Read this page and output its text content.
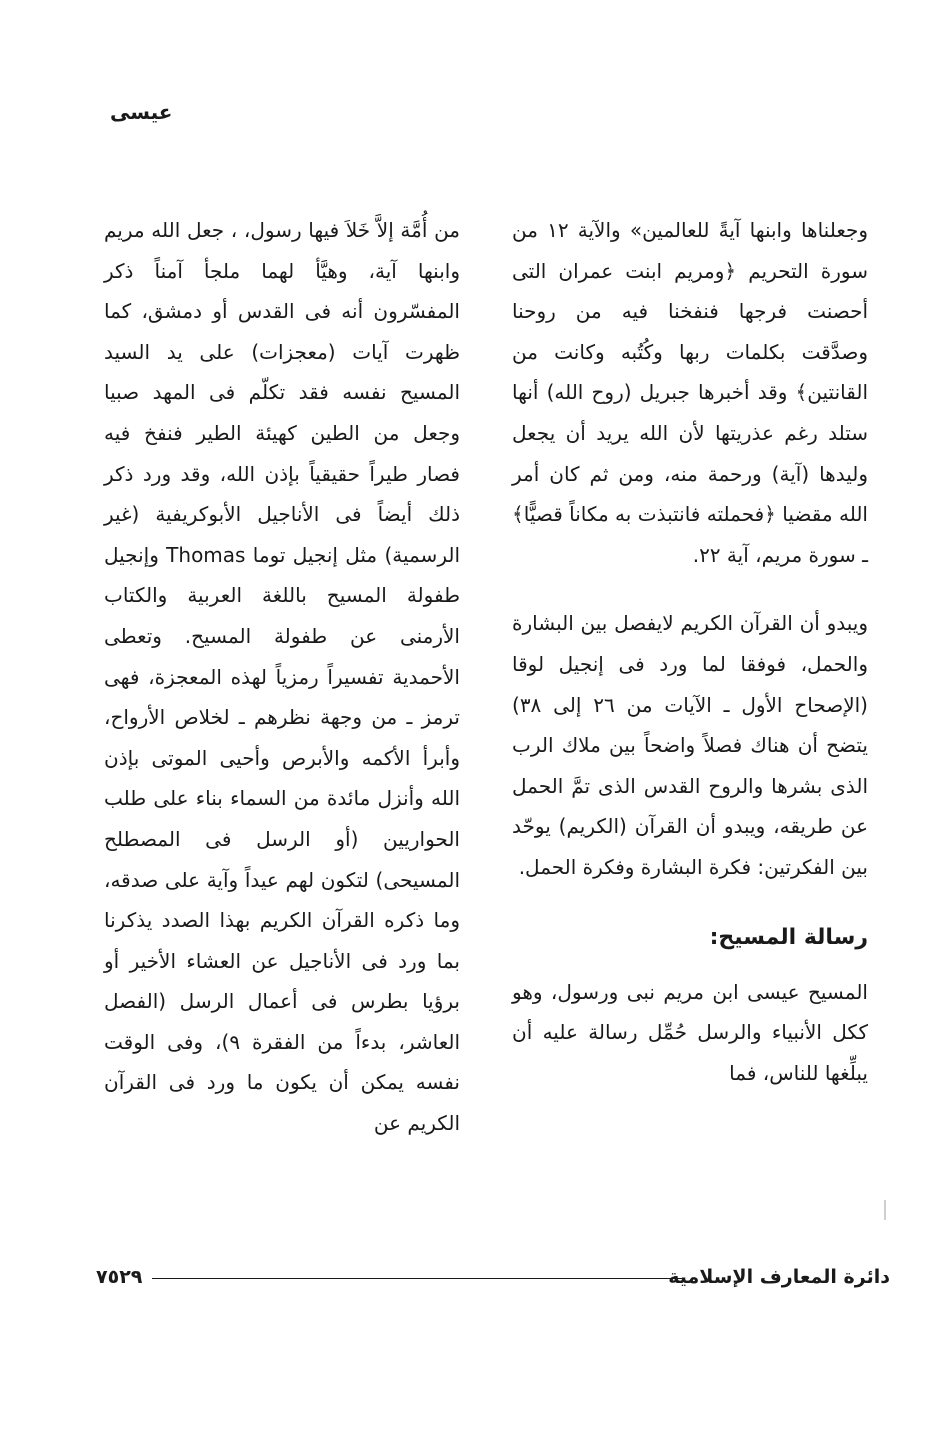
عيسى

وجعلناها وابنها آيةً للعالمين» والآية ١٢ من سورة التحريم ﴿ومريم ابنت عمران التى أحصنت فرجها فنفخنا فيه من روحنا وصدَّقت بكلمات ربها وكُتُبه وكانت من القانتين﴾ وقد أخبرها جبريل (روح الله) أنها ستلد رغم عذريتها لأن الله يريد أن يجعل وليدها (آية) ورحمة منه، ومن ثم كان أمر الله مقضيا ﴿فحملته فانتبذت به مكاناً قصيًّا﴾ ـ سورة مريم، آية ٢٢.

ويبدو أن القرآن الكريم لايفصل بين البشارة والحمل، فوفقا لما ورد فى إنجيل لوقا (الإصحاح الأول ـ الآيات من ٢٦ إلى ٣٨) يتضح أن هناك فصلاً واضحاً بين ملاك الرب الذى بشرها والروح القدس الذى تمَّ الحمل عن طريقه، ويبدو أن القرآن (الكريم) يوحّد بين الفكرتين: فكرة البشارة وفكرة الحمل.

رسالة المسيح:

المسيح عيسى ابن مريم نبى ورسول، وهو ككل الأنبياء والرسل حُمِّل رسالة عليه أن يبلِّغها للناس، فما

من أُمَّة إلاَّ خَلاَ فيها رسول، ، جعل الله مريم وابنها آية، وهيَّأ لهما ملجأ آمناً ذكر المفسّرون أنه فى القدس أو دمشق، كما ظهرت آيات (معجزات) على يد السيد المسيح نفسه فقد تكلّم فى المهد صبيا وجعل من الطين كهيئة الطير فنفخ فيه فصار طيراً حقيقياً بإذن الله، وقد ورد ذكر ذلك أيضاً فى الأناجيل الأبوكريفية (غير الرسمية) مثل إنجيل توما Thomas وإنجيل طفولة المسيح باللغة العربية والكتاب الأرمنى عن طفولة المسيح. وتعطى الأحمدية تفسيراً رمزياً لهذه المعجزة، فهى ترمز ـ من وجهة نظرهم ـ لخلاص الأرواح، وأبرأ الأكمه والأبرص وأحيى الموتى بإذن الله وأنزل مائدة من السماء بناء على طلب الحواريين (أو الرسل فى المصطلح المسيحى) لتكون لهم عيداً وآية على صدقه، وما ذكره القرآن الكريم بهذا الصدد يذكرنا بما ورد فى الأناجيل عن العشاء الأخير أو برؤيا بطرس فى أعمال الرسل (الفصل العاشر، بدءاً من الفقرة ٩)، وفى الوقت نفسه يمكن أن يكون ما ورد فى القرآن الكريم عن

دائرة المعارف الإسلامية
٧٥٢٩
